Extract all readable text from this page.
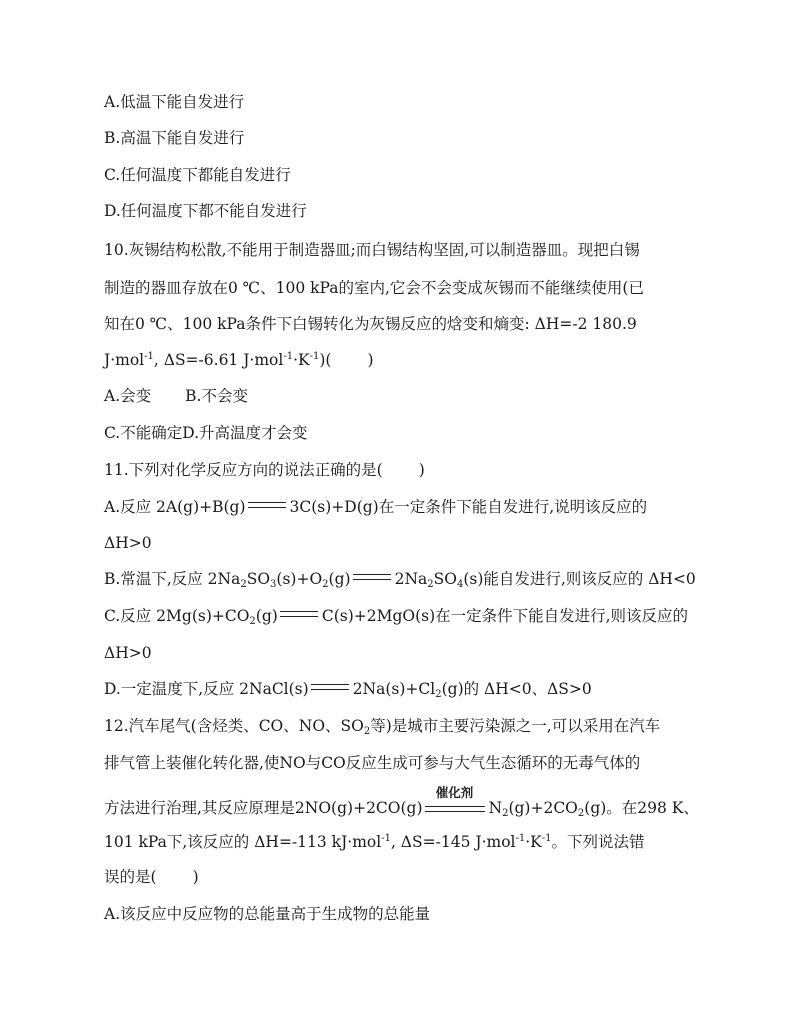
A.低温下能自发进行
B.高温下能自发进行
C.任何温度下都能自发进行
D.任何温度下都不能自发进行
10.灰锡结构松散,不能用于制造器皿;而白锡结构坚固,可以制造器皿。现把白锡
制造的器皿存放在0 ℃、100 kPa的室内,它会不会变成灰锡而不能继续使用(已
知在0 ℃、100 kPa条件下白锡转化为灰锡反应的焓变和熵变: ΔH=-2 180.9
J·mol$^{-1}$, ΔS=-6.61 $J\cdot mol^{-1}\cdot K^{-1}$)( )
A.会变 B.不会变
C.不能确定D.升高温度才会变
11.下列对化学反应方向的说法正确的是( )
A.反应 2A(g)+B(g)	3C(s)+D(g)在一定条件下能自发进行,说明该反应的
ΔH>0
B.常温下,反应 $2Na_2SO_3(s)+O_2(g)$	$2Na_2SO_4(s)$能自发进行,则该反应的 ΔH<0
C.反应 $2Mg(s)+CO_2(g)$	C(s)+2MgO(s)在一定条件下能自发进行,则该反应的
ΔH>0
D.一定温度下,反应 2NaCl(s)	$2Na(s)+Cl_2(g)$的 ΔH<0、ΔS>0
12.汽车尾气(含烃类、CO、NO、$SO_2$等)是城市主要污染源之一,可以采用在汽车
排气管上装催化转化器,使NO与CO反应生成可参与大气生态循环的无毒气体的
方法进行治理,其反应原理是2NO(g)+2CO(g)
催化剂
$N_2(g)+2CO_2(g)$。在298 K、
101 kPa下,该反应的 ΔH=-113 kJ·mol$^{-1}$, ΔS=-145 $J\cdot mol^{-1}\cdot K^{-1}$。下列说法错
误的是( )
A.该反应中反应物的总能量高于生成物的总能量
